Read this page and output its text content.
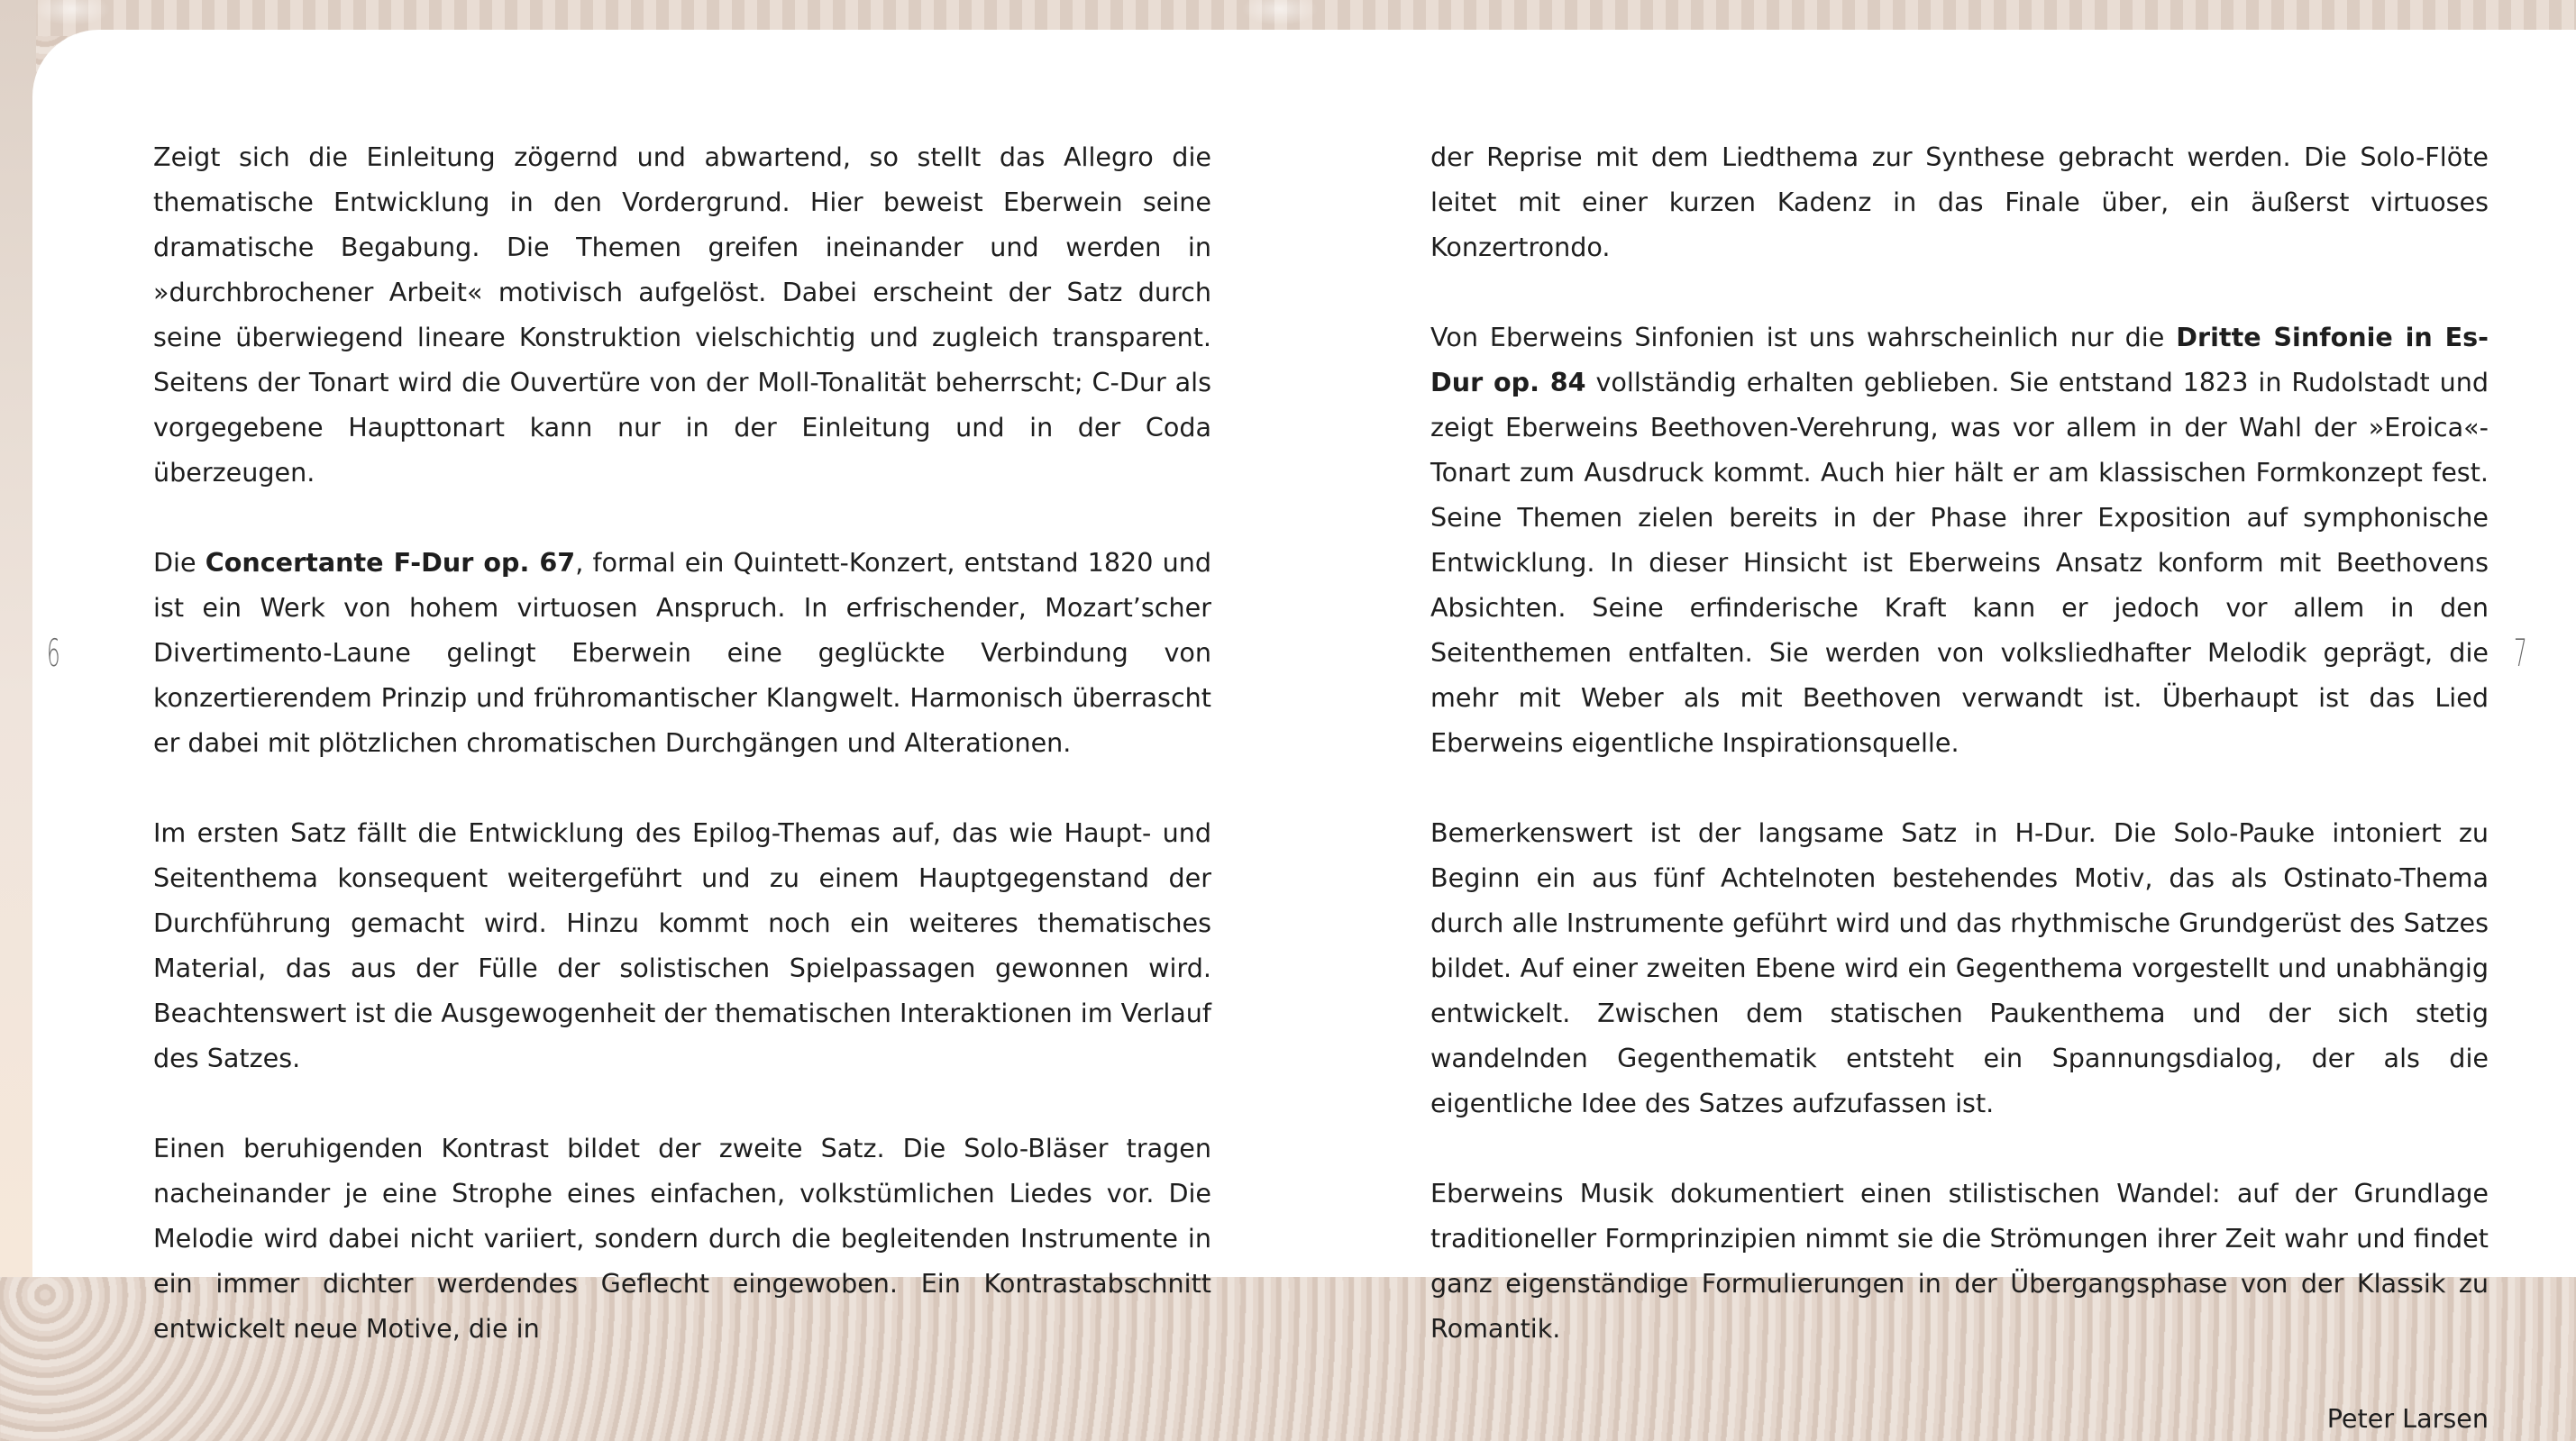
Zeigt sich die Einleitung zögernd und abwartend, so stellt das Allegro die thematische Entwicklung in den Vordergrund. Hier beweist Eberwein seine dramatische Begabung. Die Themen greifen ineinander und werden in »durchbrochener Arbeit« motivisch aufgelöst. Dabei erscheint der Satz durch seine überwiegend lineare Konstruktion vielschichtig und zugleich transparent. Seitens der Tonart wird die Ouvertüre von der Moll-Tonalität beherrscht; C-Dur als vorgegebene Haupttonart kann nur in der Einleitung und in der Coda überzeugen.

Die Concertante F-Dur op. 67, formal ein Quintett-Konzert, entstand 1820 und ist ein Werk von hohem virtuosen Anspruch. In erfrischender, Mozart’scher Divertimento-Laune gelingt Eberwein eine geglückte Verbindung von konzertierendem Prinzip und frühromantischer Klangwelt. Harmonisch überrascht er dabei mit plötzlichen chromatischen Durchgängen und Alterationen.

Im ersten Satz fällt die Entwicklung des Epilog-Themas auf, das wie Haupt- und Seitenthema konsequent weitergeführt und zu einem Hauptgegenstand der Durchführung gemacht wird. Hinzu kommt noch ein weiteres thematisches Material, das aus der Fülle der solistischen Spielpassagen gewonnen wird. Beachtenswert ist die Ausgewogenheit der thematischen Interaktionen im Verlauf des Satzes.

Einen beruhigenden Kontrast bildet der zweite Satz. Die Solo-Bläser tragen nacheinander je eine Strophe eines einfachen, volkstümlichen Liedes vor. Die Melodie wird dabei nicht variiert, sondern durch die begleitenden Instrumente in ein immer dichter werdendes Geflecht eingewoben. Ein Kontrastabschnitt entwickelt neue Motive, die in

der Reprise mit dem Liedthema zur Synthese gebracht werden. Die Solo-Flöte leitet mit einer kurzen Kadenz in das Finale über, ein äußerst virtuoses Konzertrondo.

Von Eberweins Sinfonien ist uns wahrscheinlich nur die Dritte Sinfonie in Es-Dur op. 84 vollständig erhalten geblieben. Sie entstand 1823 in Rudolstadt und zeigt Eberweins Beethoven-Verehrung, was vor allem in der Wahl der »Eroica«-Tonart zum Ausdruck kommt. Auch hier hält er am klassischen Formkonzept fest. Seine Themen zielen bereits in der Phase ihrer Exposition auf symphonische Entwicklung. In dieser Hinsicht ist Eberweins Ansatz konform mit Beethovens Absichten. Seine erfinderische Kraft kann er jedoch vor allem in den Seitenthemen entfalten. Sie werden von volksliedhafter Melodik geprägt, die mehr mit Weber als mit Beethoven verwandt ist. Überhaupt ist das Lied Eberweins eigentliche Inspirationsquelle.

Bemerkenswert ist der langsame Satz in H-Dur. Die Solo-Pauke intoniert zu Beginn ein aus fünf Achtelnoten bestehendes Motiv, das als Ostinato-Thema durch alle Instrumente geführt wird und das rhythmische Grundgerüst des Satzes bildet. Auf einer zweiten Ebene wird ein Gegenthema vorgestellt und unabhängig entwickelt. Zwischen dem statischen Paukenthema und der sich stetig wandelnden Gegenthematik entsteht ein Spannungsdialog, der als die eigentliche Idee des Satzes aufzufassen ist.

Eberweins Musik dokumentiert einen stilistischen Wandel: auf der Grundlage traditioneller Formprinzipien nimmt sie die Strömungen ihrer Zeit wahr und findet ganz eigenständige Formulierungen in der Übergangsphase von der Klassik zu Romantik.

Peter Larsen

6	7
